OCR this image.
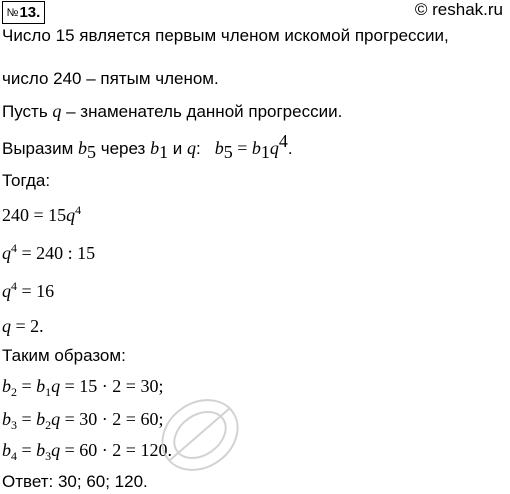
№ 13.	© reshak.ru
Число 15 является первым членом искомой прогрессии,
число 240 – пятым членом.
Пусть q – знаменатель данной прогрессии.
Выразим $b_5$ через $b_1$ и q: $b_5 = b_1q^4$.
Тогда:
$240 = 15q^4$
$q^4 = 240$ : 15
$q^4 = 16$
q = 2.
Таким образом:
$b_2 = b_1q = 15 \cdot 2 = 30$;
$b_3 = b_2q = 30 \cdot 2 = 60$;
$b_4 = b_3q = 60 \cdot 2 = 120$.
Ответ: 30; 60; 120.
